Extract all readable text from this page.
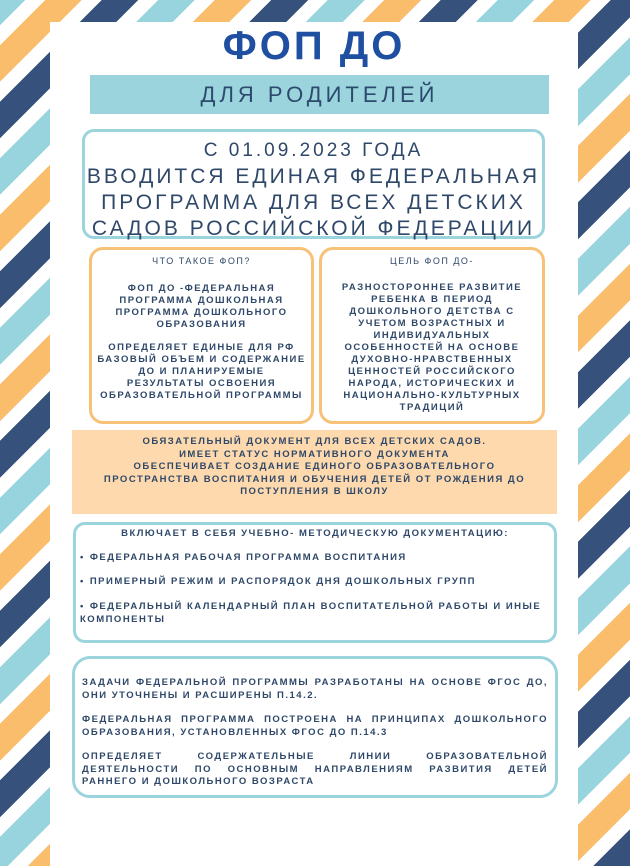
ФОП ДО
ДЛЯ РОДИТЕЛЕЙ
С 01.09.2023 ГОДА
ВВОДИТСЯ ЕДИНАЯ ФЕДЕРАЛЬНАЯ
ПРОГРАММА ДЛЯ ВСЕХ ДЕТСКИХ
САДОВ РОССИЙСКОЙ ФЕДЕРАЦИИ
ЧТО ТАКОЕ ФОП?
ФОП ДО -ФЕДЕРАЛЬНАЯ
ПРОГРАММА ДОШКОЛЬНАЯ
ПРОГРАММА ДОШКОЛЬНОГО
ОБРАЗОВАНИЯ
ОПРЕДЕЛЯЕТ ЕДИНЫЕ ДЛЯ РФ
БАЗОВЫЙ ОБЪЕМ И СОДЕРЖАНИЕ
ДО И ПЛАНИРУЕМЫЕ
РЕЗУЛЬТАТЫ ОСВОЕНИЯ
ОБРАЗОВАТЕЛЬНОЙ ПРОГРАММЫ
ЦЕЛЬ ФОП ДО-
РАЗНОСТОРОННЕЕ РАЗВИТИЕ
РЕБЕНКА В ПЕРИОД
ДОШКОЛЬНОГО ДЕТСТВА С
УЧЕТОМ ВОЗРАСТНЫХ И
ИНДИВИДУАЛЬНЫХ
ОСОБЕННОСТЕЙ НА ОСНОВЕ
ДУХОВНО-НРАВСТВЕННЫХ
ЦЕННОСТЕЙ РОССИЙСКОГО
НАРОДА, ИСТОРИЧЕСКИХ И
НАЦИОНАЛЬНО-КУЛЬТУРНЫХ
ТРАДИЦИЙ
ОБЯЗАТЕЛЬНЫЙ ДОКУМЕНТ ДЛЯ ВСЕХ ДЕТСКИХ САДОВ.
ИМЕЕТ СТАТУС НОРМАТИВНОГО ДОКУМЕНТА
ОБЕСПЕЧИВАЕТ СОЗДАНИЕ ЕДИНОГО ОБРАЗОВАТЕЛЬНОГО
ПРОСТРАНСТВА ВОСПИТАНИЯ И ОБУЧЕНИЯ ДЕТЕЙ ОТ РОЖДЕНИЯ ДО
ПОСТУПЛЕНИЯ В ШКОЛУ
ВКЛЮЧАЕТ В СЕБЯ УЧЕБНО- МЕТОДИЧЕСКУЮ ДОКУМЕНТАЦИЮ:
• ФЕДЕРАЛЬНАЯ РАБОЧАЯ ПРОГРАММА ВОСПИТАНИЯ
• ПРИМЕРНЫЙ РЕЖИМ И РАСПОРЯДОК ДНЯ ДОШКОЛЬНЫХ ГРУПП
• ФЕДЕРАЛЬНЫЙ КАЛЕНДАРНЫЙ ПЛАН ВОСПИТАТЕЛЬНОЙ РАБОТЫ И ИНЫЕ КОМПОНЕНТЫ

ЗАДАЧИ ФЕДЕРАЛЬНОЙ ПРОГРАММЫ РАЗРАБОТАНЫ НА ОСНОВЕ ФГОС ДО, ОНИ УТОЧНЕНЫ И РАСШИРЕНЫ П.14.2.

ФЕДЕРАЛЬНАЯ ПРОГРАММА ПОСТРОЕНА НА ПРИНЦИПАХ ДОШКОЛЬНОГО ОБРАЗОВАНИЯ, УСТАНОВЛЕННЫХ ФГОС ДО П.14.3

ОПРЕДЕЛЯЕТ СОДЕРЖАТЕЛЬНЫЕ ЛИНИИ ОБРАЗОВАТЕЛЬНОЙ ДЕЯТЕЛЬНОСТИ ПО ОСНОВНЫМ НАПРАВЛЕНИЯМ РАЗВИТИЯ ДЕТЕЙ РАННЕГО И ДОШКОЛЬНОГО ВОЗРАСТА
